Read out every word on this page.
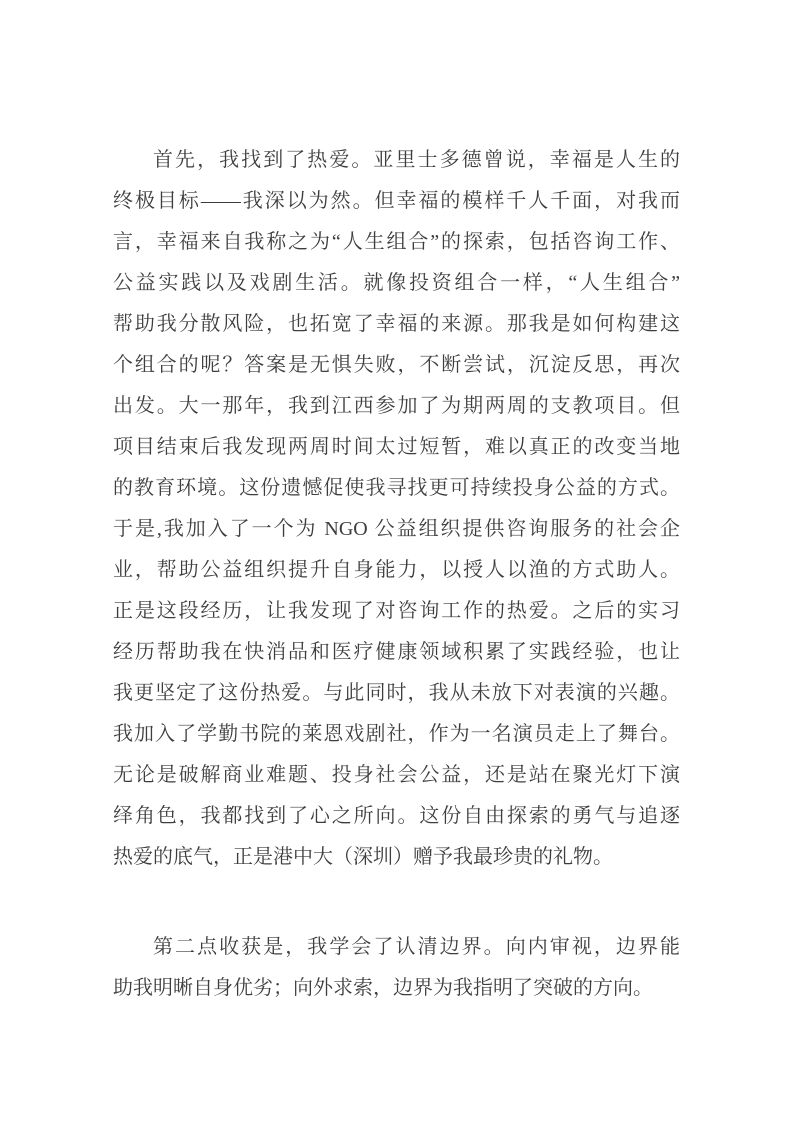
首先，我找到了热爱。亚里士多德曾说，幸福是人生的
终极目标——我深以为然。但幸福的模样千人千面，对我而
言，幸福来自我称之为“人生组合”的探索，包括咨询工作、
公益实践以及戏剧生活。就像投资组合一样，“人生组合”
帮助我分散风险，也拓宽了幸福的来源。那我是如何构建这
个组合的呢？答案是无惧失败，不断尝试，沉淀反思，再次
出发。大一那年，我到江西参加了为期两周的支教项目。但
项目结束后我发现两周时间太过短暂，难以真正的改变当地
的教育环境。这份遗憾促使我寻找更可持续投身公益的方式。
于是,我加入了一个为 NGO 公益组织提供咨询服务的社会企
业，帮助公益组织提升自身能力，以授人以渔的方式助人。
正是这段经历，让我发现了对咨询工作的热爱。之后的实习
经历帮助我在快消品和医疗健康领域积累了实践经验，也让
我更坚定了这份热爱。与此同时，我从未放下对表演的兴趣。
我加入了学勤书院的莱恩戏剧社，作为一名演员走上了舞台。
无论是破解商业难题、投身社会公益，还是站在聚光灯下演
绎角色，我都找到了心之所向。这份自由探索的勇气与追逐
热爱的底气，正是港中大（深圳）赠予我最珍贵的礼物。
第二点收获是，我学会了认清边界。向内审视，边界能
助我明晰自身优劣；向外求索，边界为我指明了突破的方向。
